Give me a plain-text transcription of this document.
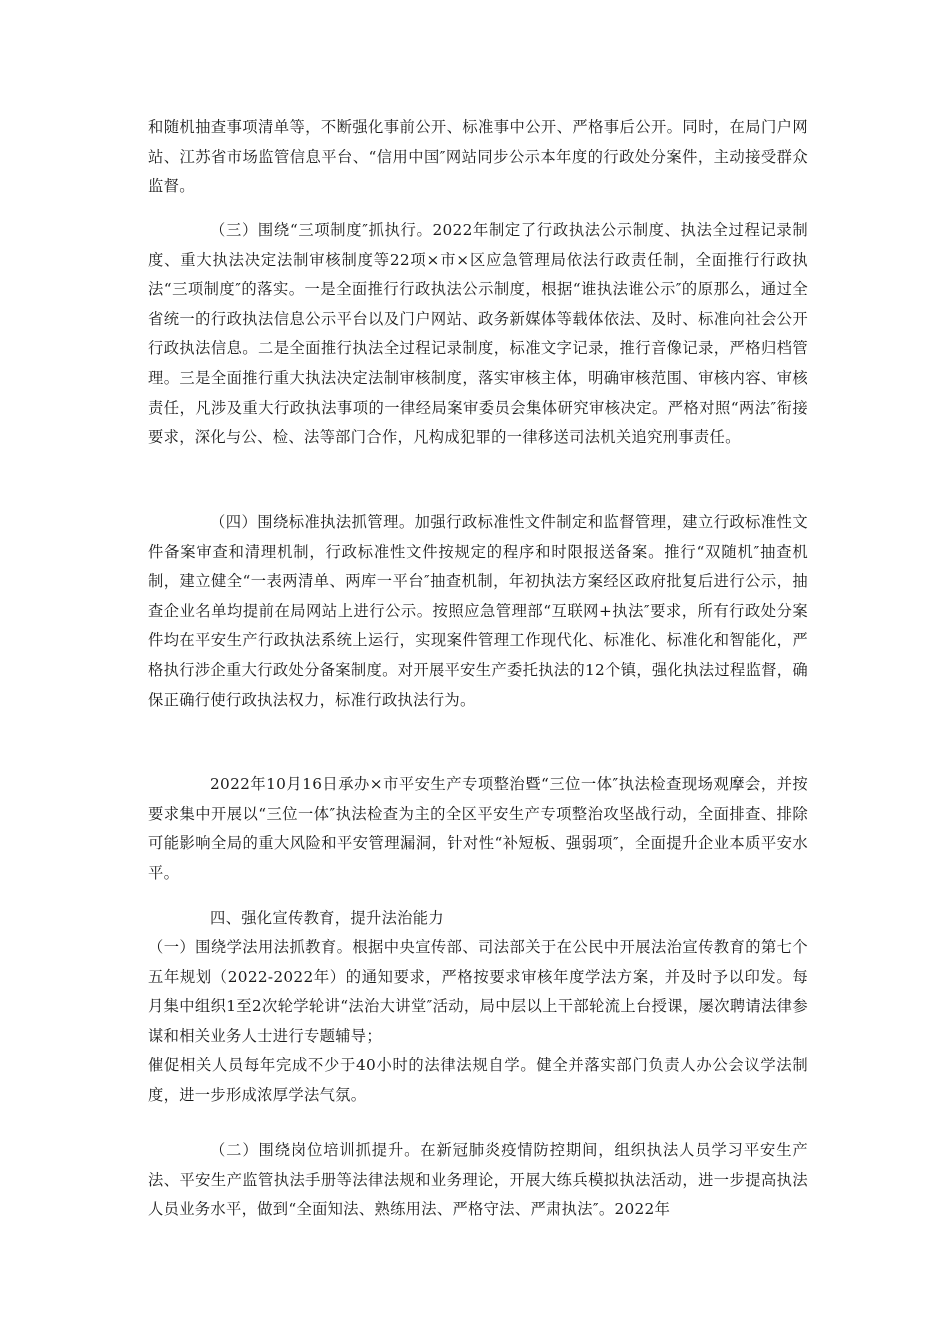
和随机抽查事项清单等，不断强化事前公开、标准事中公开、严格事后公开。同时，在局门户网站、江苏省市场监管信息平台、“信用中国″网站同步公示本年度的行政处分案件，主动接受群众监督。

（三）围绕“三项制度″抓执行。2022年制定了行政执法公示制度、执法全过程记录制度、重大执法决定法制审核制度等22项×市×区应急管理局依法行政责任制，全面推行行政执法“三项制度″的落实。一是全面推行行政执法公示制度，根据“谁执法谁公示″的原那么，通过全省统一的行政执法信息公示平台以及门户网站、政务新媒体等载体依法、及时、标准向社会公开行政执法信息。二是全面推行执法全过程记录制度，标准文字记录，推行音像记录，严格归档管理。三是全面推行重大执法决定法制审核制度，落实审核主体，明确审核范围、审核内容、审核责任，凡涉及重大行政执法事项的一律经局案审委员会集体研究审核决定。严格对照“两法″衔接要求，深化与公、检、法等部门合作，凡构成犯罪的一律移送司法机关追究刑事责任。

（四）围绕标准执法抓管理。加强行政标准性文件制定和监督管理，建立行政标准性文件备案审查和清理机制，行政标准性文件按规定的程序和时限报送备案。推行“双随机″抽查机制，建立健全“一表两清单、两库一平台″抽查机制，年初执法方案经区政府批复后进行公示，抽查企业名单均提前在局网站上进行公示。按照应急管理部“互联网+执法″要求，所有行政处分案件均在平安生产行政执法系统上运行，实现案件管理工作现代化、标准化、标准化和智能化，严格执行涉企重大行政处分备案制度。对开展平安生产委托执法的12个镇，强化执法过程监督，确保正确行使行政执法权力，标准行政执法行为。

2022年10月16日承办×市平安生产专项整治暨“三位一体″执法检查现场观摩会，并按要求集中开展以“三位一体″执法检查为主的全区平安生产专项整治攻坚战行动，全面排查、排除可能影响全局的重大风险和平安管理漏洞，针对性“补短板、强弱项″，全面提升企业本质平安水平。

四、强化宣传教育，提升法治能力

（一）围绕学法用法抓教育。根据中央宣传部、司法部关于在公民中开展法治宣传教育的第七个五年规划（2022-2022年）的通知要求，严格按要求审核年度学法方案，并及时予以印发。每月集中组织1至2次轮学轮讲“法治大讲堂″活动，局中层以上干部轮流上台授课，屡次聘请法律参谋和相关业务人士进行专题辅导；

催促相关人员每年完成不少于40小时的法律法规自学。健全并落实部门负责人办公会议学法制度，进一步形成浓厚学法气氛。

（二）围绕岗位培训抓提升。在新冠肺炎疫情防控期间，组织执法人员学习平安生产法、平安生产监管执法手册等法律法规和业务理论，开展大练兵模拟执法活动，进一步提高执法人员业务水平，做到“全面知法、熟练用法、严格守法、严肃执法″。2022年
